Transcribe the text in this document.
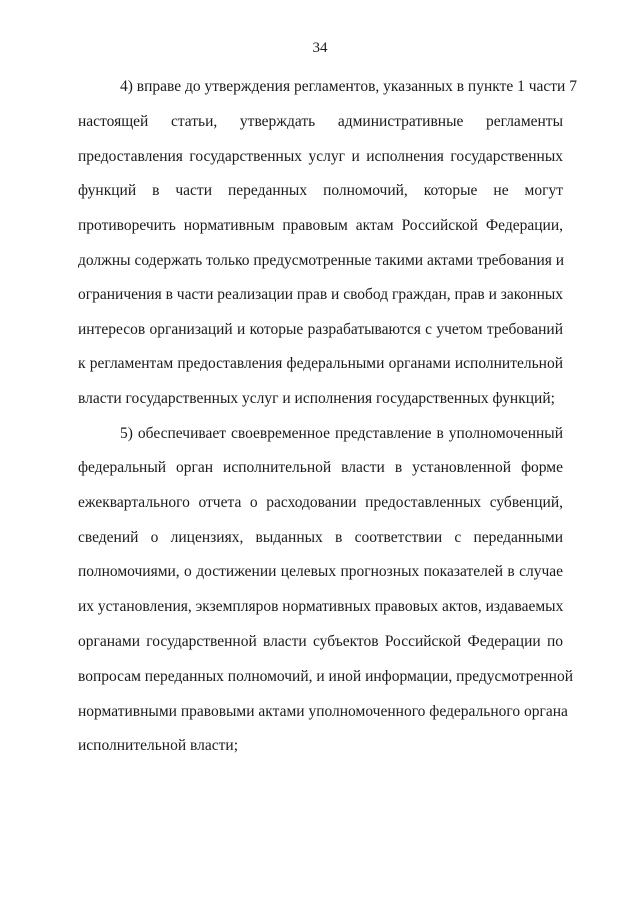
34
4) вправе до утверждения регламентов, указанных в пункте 1 части 7
настоящей статьи, утверждать административные регламенты
предоставления государственных услуг и исполнения государственных
функций в части переданных полномочий, которые не могут
противоречить нормативным правовым актам Российской Федерации,
должны содержать только предусмотренные такими актами требования и
ограничения в части реализации прав и свобод граждан, прав и законных
интересов организаций и которые разрабатываются с учетом требований
к регламентам предоставления федеральными органами исполнительной
власти государственных услуг и исполнения государственных функций;
5) обеспечивает своевременное представление в уполномоченный
федеральный орган исполнительной власти в установленной форме
ежеквартального отчета о расходовании предоставленных субвенций,
сведений о лицензиях, выданных в соответствии с переданными
полномочиями, о достижении целевых прогнозных показателей в случае
их установления, экземпляров нормативных правовых актов, издаваемых
органами государственной власти субъектов Российской Федерации по
вопросам переданных полномочий, и иной информации, предусмотренной
нормативными правовыми актами уполномоченного федерального органа
исполнительной власти;
